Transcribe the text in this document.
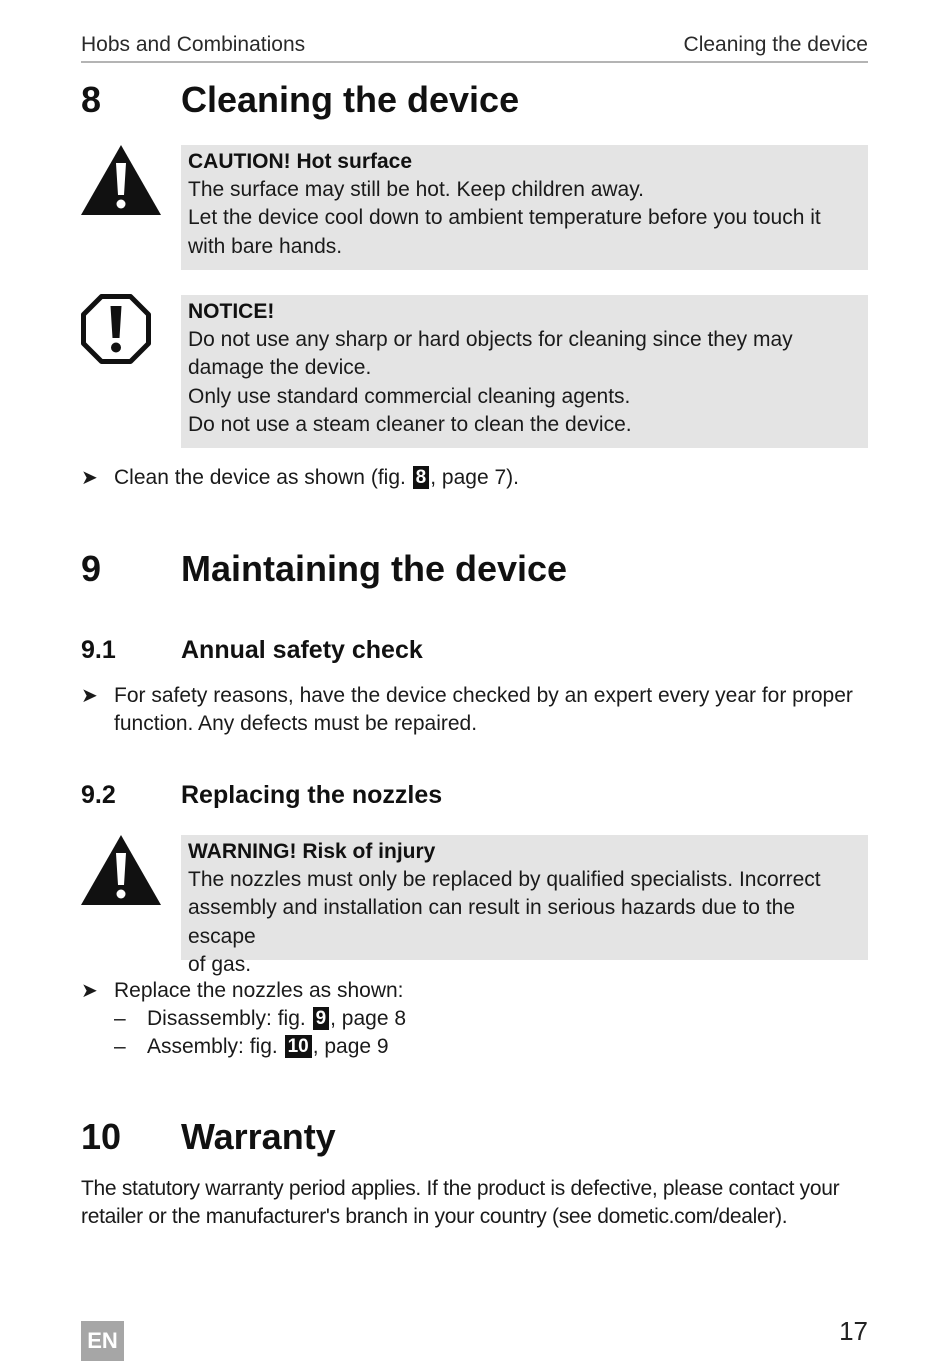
Hobs and Combinations	Cleaning the device
8 Cleaning the device
CAUTION! Hot surface
The surface may still be hot. Keep children away.
Let the device cool down to ambient temperature before you touch it
with bare hands.
NOTICE!
Do not use any sharp or hard objects for cleaning since they may
damage the device.
Only use standard commercial cleaning agents.
Do not use a steam cleaner to clean the device.
➤ Clean the device as shown (fig. 8 , page 7).
9 Maintaining the device
9.1	Annual safety check
➤ For safety reasons, have the device checked by an expert every year for proper
function. Any defects must be repaired.
9.2	Replacing the nozzles
WARNING! Risk of injury
The nozzles must only be replaced by qualified specialists. Incorrect
assembly and installation can result in serious hazards due to the escape
of gas.
➤ Replace the nozzles as shown:
– Disassembly: fig. 9 , page 8
– Assembly: fig. 10 , page 9
10 Warranty
The statutory warranty period applies. If the product is defective, please contact your
retailer or the manufacturer's branch in your country (see dometic.com/dealer).
17
EN
